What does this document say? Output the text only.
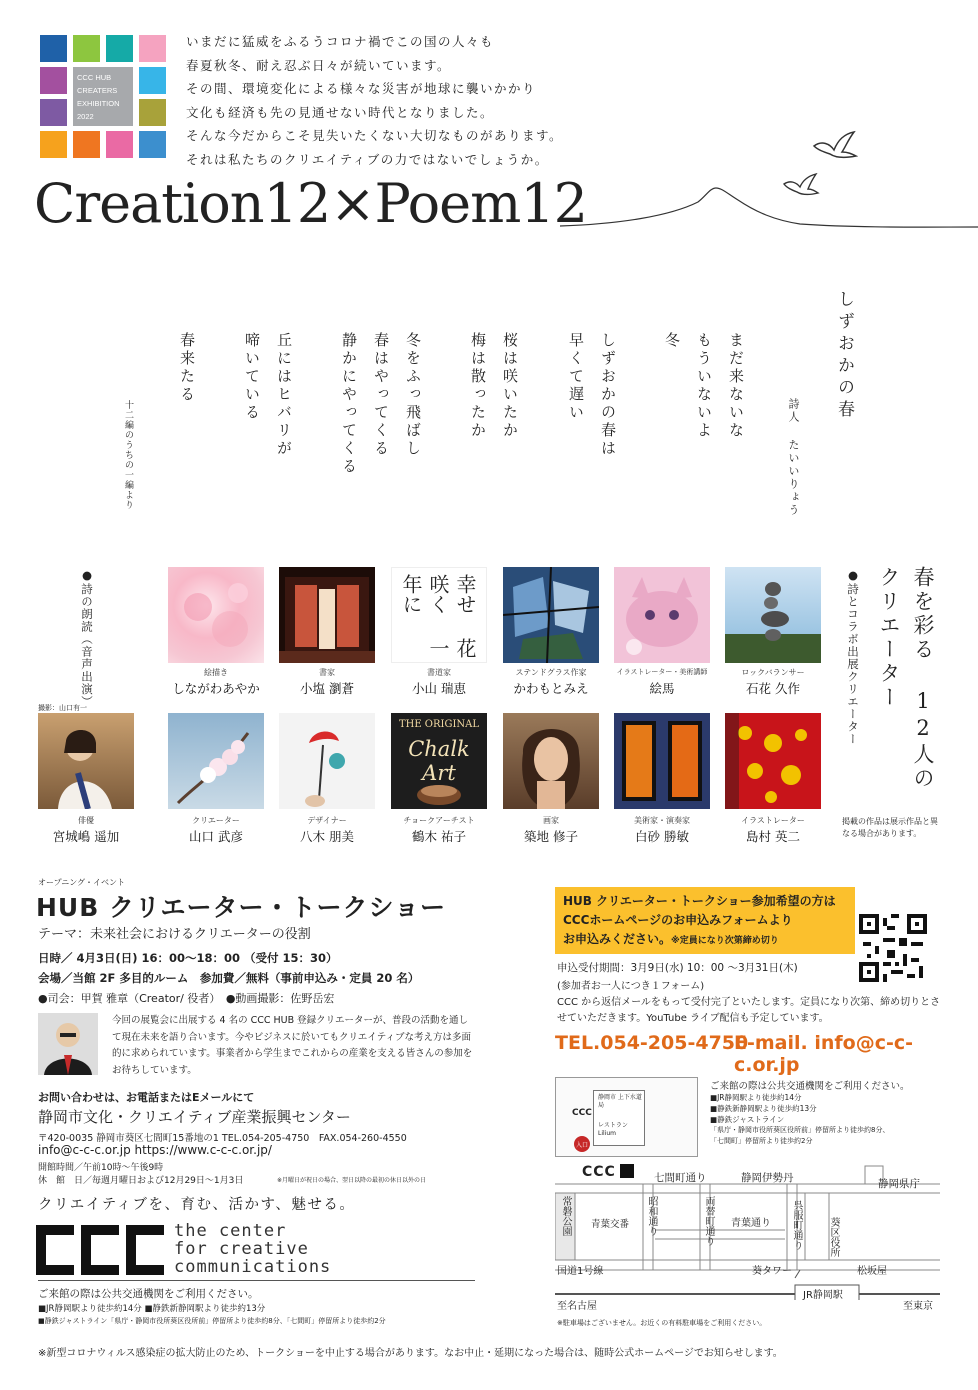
CCC HUB
CREATERS
EXHIBITION
2022
いまだに猛威をふるうコロナ禍でこの国の人々も
春夏秋冬、耐え忍ぶ日々が続いています。
その間、環境変化による様々な災害が地球に襲いかかり
文化も経済も先の見通せない時代となりました。
そんな今だからこそ見失いたくない大切なものがあります。
それは私たちのクリエイティブの力ではないでしょうか。
Creation12×Poem12
しずおかの春
詩人 たいいりょう
まだ来ないな
もういないよ
冬
しずおかの春は
早くて遅い
桜は咲いたか
梅は散ったか
冬をふっ飛ばし
春はやってくる
静かにやってくる
丘にはヒバリが
啼いている
春来たる
十二編のうちの一編より
春を彩る 12人のクリエーター
●詩とコラボ出展クリエーター
●詩の朗読（音声出演）
撮影：山口有一
掲載の作品は展示作品と異なる場合があります。
幸せ 花咲く 一年に
絵描き
しながわあやか
書家
小塩 瀏蒼
書道家
小山 瑞恵
ステンドグラス作家
かわもとみえ
イラストレーター・美術講師
絵馬
ロックバランサー
石花 久作
THE ORIGINAL
Chalk Art
俳優
宮城嶋 遥加
クリエーター
山口 武彦
デザイナー
八木 朋美
チョークアーチスト
鶴木 祐子
画家
築地 修子
美術家・演奏家
白砂 勝敏
イラストレーター
島村 英二
オープニング・イベント
HUB クリエーター・トークショー
テーマ：未来社会におけるクリエーターの役割
日時／ 4月3日(日) 16：00〜18：00 （受付 15：30）
会場／当館 2F 多目的ルーム　参加費／無料（事前申込み・定員 20 名）
●司会：甲賀 雅章（Creator/ 役者）　●動画撮影：佐野岳宏
今回の展覧会に出展する 4 名の CCC HUB 登録クリエーターが、普段の活動を通して現在未来を語り合います。今やビジネスに於いてもクリエイティブな考え方は多面的に求められています。事業者から学生までこれからの産業を支える皆さんの参加をお待ちしています。
お問い合わせは、お電話またはEメールにて
静岡市文化・クリエイティブ産業振興センター
〒420-0035 静岡市葵区七間町15番地の1 TEL.054-205-4750　FAX.054-260-4550
info@c-c-c.or.jp https://www.c-c-c.or.jp/
開館時間／午前10時〜午後9時
休　館　日／毎週月曜日および12月29日〜1月3日	※月曜日が祝日の場合、翌日以降の最初の休日以外の日
クリエイティブを、育む、活かす、魅せる。
the center
for creative
communications
ご来館の際は公共交通機関をご利用ください。
■JR静岡駅より徒歩約14分 ■静鉄新静岡駅より徒歩約13分
■静鉄ジャストライン「県庁・静岡市役所葵区役所前」停留所より徒歩約8分、「七間町」停留所より徒歩約2分
HUB クリエーター・トークショー参加希望の方は
CCCホームページのお申込みフォームより
お申込みください。※定員になり次第締め切り
申込受付期間：3月9日(水) 10：00 〜3月31日(木)
(参加者お一人につき１フォーム)
CCC から返信メールをもって受付完了といたします。定員になり次第、締め切りとさせていただきます。YouTube ライブ配信も予定しています。
TEL.054-205-4750
E-mail. info@c-c-c.or.jp
静岡市 上下水道局
レストラン Lilium
CCC
入口
ご来館の際は公共交通機関をご利用ください。
■JR静岡駅より徒歩約14分
■静鉄新静岡駅より徒歩約13分
■静鉄ジャストライン
「県庁・静岡市役所葵区役所前」停留所より徒歩約8分、
「七間町」停留所より徒歩約2分
CCC	七間町通り	静岡伊勢丹	静岡県庁
常磐公園 青葉交番 昭和通り	両替町通り 青葉通り 呉服町通り	葵区役所
国道1号線	葵タワー	松坂屋
JR静岡駅
至名古屋	至東京
※駐車場はございません。お近くの有料駐車場をご利用ください。
※新型コロナウィルス感染症の拡大防止のため、トークショーを中止する場合があります。なお中止・延期になった場合は、随時公式ホームページでお知らせします。
